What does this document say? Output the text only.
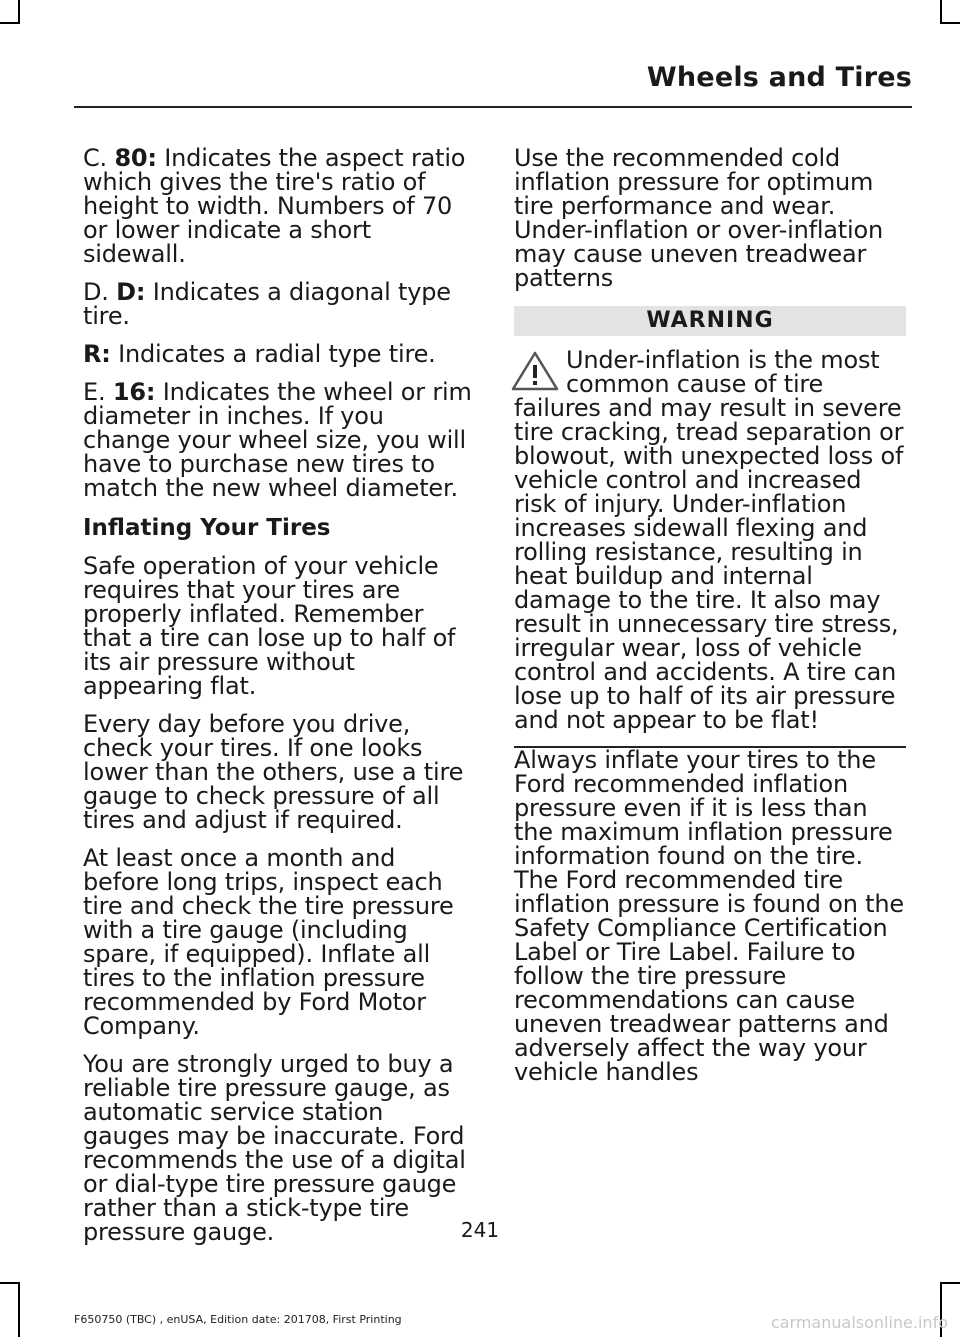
Wheels and Tires

C. 80: Indicates the aspect ratio which gives the tire's ratio of height to width. Numbers of 70 or lower indicate a short sidewall.

D. D: Indicates a diagonal type tire.

R: Indicates a radial type tire.

E. 16: Indicates the wheel or rim diameter in inches. If you change your wheel size, you will have to purchase new tires to match the new wheel diameter.

Inflating Your Tires

Safe operation of your vehicle requires that your tires are properly inflated. Remember that a tire can lose up to half of its air pressure without appearing flat.

Every day before you drive, check your tires. If one looks lower than the others, use a tire gauge to check pressure of all tires and adjust if required.

At least once a month and before long trips, inspect each tire and check the tire pressure with a tire gauge (including spare, if equipped). Inflate all tires to the inflation pressure recommended by Ford Motor Company.

You are strongly urged to buy a reliable tire pressure gauge, as automatic service station gauges may be inaccurate. Ford recommends the use of a digital or dial-type tire pressure gauge rather than a stick-type tire pressure gauge.

Use the recommended cold inflation pressure for optimum tire performance and wear. Under-inflation or over-inflation may cause uneven treadwear patterns

WARNING

Under-inflation is the most common cause of tire failures and may result in severe tire cracking, tread separation or blowout, with unexpected loss of vehicle control and increased risk of injury. Under-inflation increases sidewall flexing and rolling resistance, resulting in heat buildup and internal damage to the tire. It also may result in unnecessary tire stress, irregular wear, loss of vehicle control and accidents. A tire can lose up to half of its air pressure and not appear to be flat!

Always inflate your tires to the Ford recommended inflation pressure even if it is less than the maximum inflation pressure information found on the tire. The Ford recommended tire inflation pressure is found on the Safety Compliance Certification Label or Tire Label. Failure to follow the tire pressure recommendations can cause uneven treadwear patterns and adversely affect the way your vehicle handles

241
F650750 (TBC) , enUSA, Edition date: 201708, First Printing	carmanualsonline.info
